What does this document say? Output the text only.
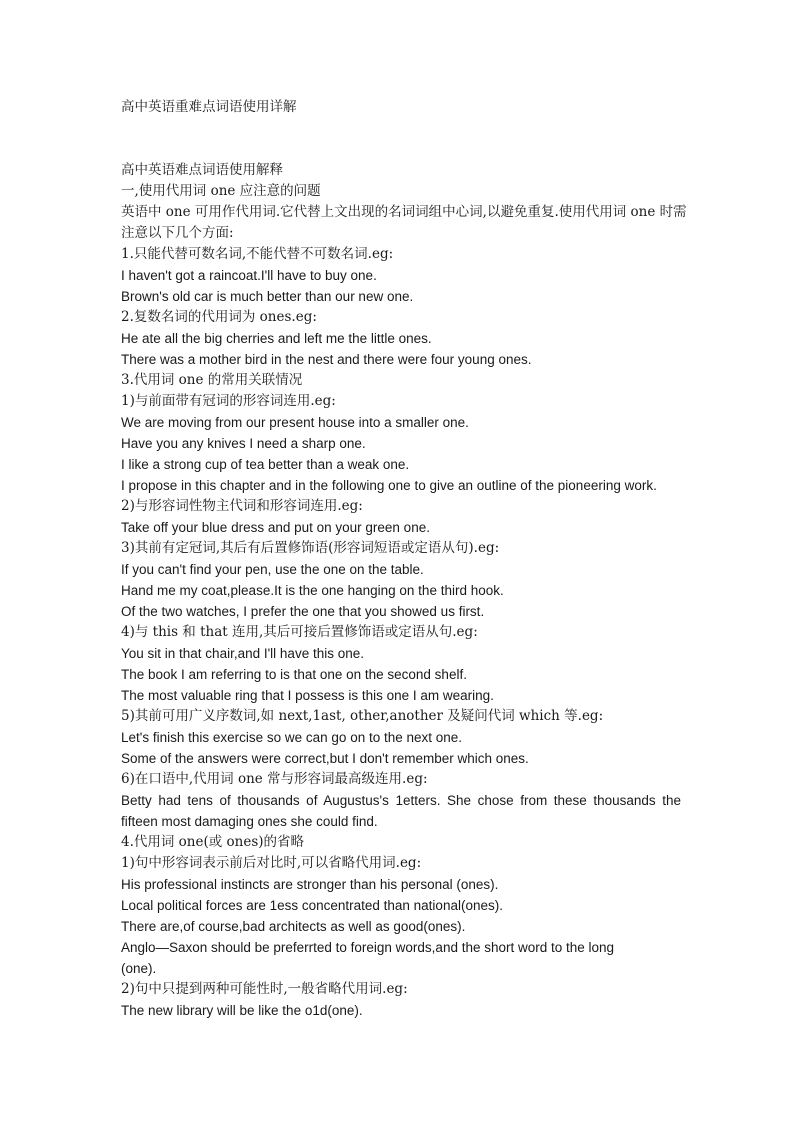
高中英语重难点词语使用详解
高中英语难点词语使用解释
一,使用代用词 one 应注意的问题
英语中 one 可用作代用词.它代替上文出现的名词词组中心词,以避免重复.使用代用词 one 时需
注意以下几个方面:
1.只能代替可数名词,不能代替不可数名词.eg:
I haven't got a raincoat.I'll have to buy one.
Brown's old car is much better than our new one.
2.复数名词的代用词为 ones.eg:
He ate all the big cherries and left me the little ones.
There was a mother bird in the nest and there were four young ones.
3.代用词 one 的常用关联情况
1)与前面带有冠词的形容词连用.eg:
We are moving from our present house into a smaller one.
Have you any knives I need a sharp one.
I like a strong cup of tea better than a weak one.
I propose in this chapter and in the following one to give an outline of the pioneering work.
2)与形容词性物主代词和形容词连用.eg:
Take off your blue dress and put on your green one.
3)其前有定冠词,其后有后置修饰语(形容词短语或定语从句).eg:
If you can't find your pen, use the one on the table.
Hand me my coat,please.It is the one hanging on the third hook.
Of the two watches, I prefer the one that you showed us first.
4)与 this 和 that 连用,其后可接后置修饰语或定语从句.eg:
You sit in that chair,and I'll have this one.
The book I am referring to is that one on the second shelf.
The most valuable ring that I possess is this one I am wearing.
5)其前可用广义序数词,如 next,1ast, other,another 及疑问代词 which 等.eg:
Let's finish this exercise so we can go on to the next one.
Some of the answers were correct,but I don't remember which ones.
6)在口语中,代用词 one 常与形容词最高级连用.eg:
Betty had tens of thousands of Augustus's 1etters. She chose from these thousands the
fifteen most damaging ones she could find.
4.代用词 one(或 ones)的省略
1)句中形容词表示前后对比时,可以省略代用词.eg:
His professional instincts are stronger than his personal (ones).
Local political forces are 1ess concentrated than national(ones).
There are,of course,bad architects as well as good(ones).
Anglo—Saxon should be preferrted to foreign words,and the short word to the long
(one).
2)句中只提到两种可能性时,一般省略代用词.eg:
The new library will be like the o1d(one).
